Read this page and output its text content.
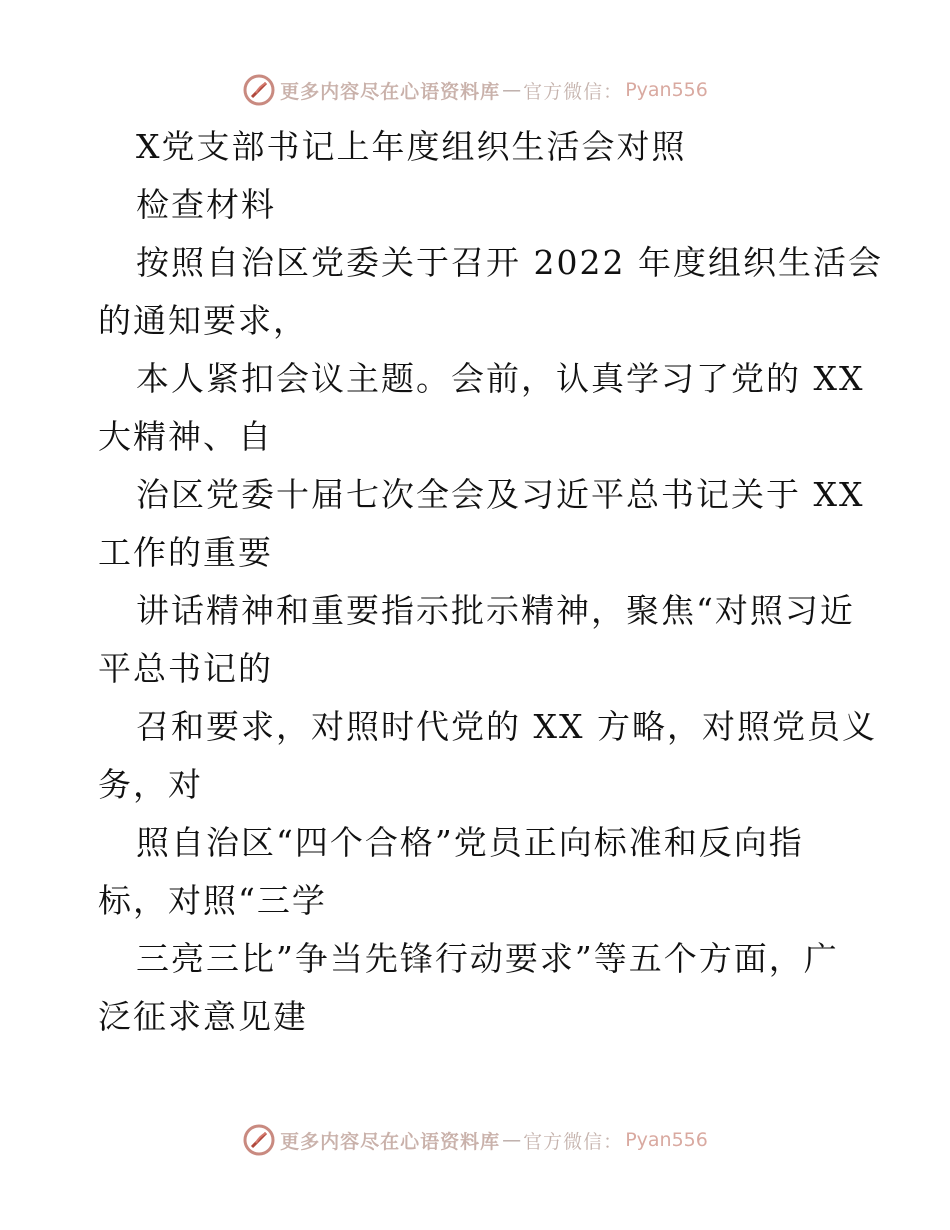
更多内容尽在心语资料库 — 官方微信： Pyan556
X党支部书记上年度组织生活会对照
检查材料
按照自治区党委关于召开 2022 年度组织生活会
的通知要求，
本人紧扣会议主题。会前，认真学习了党的 XX
大精神、自
治区党委十届七次全会及习近平总书记关于 XX
工作的重要
讲话精神和重要指示批示精神，聚焦“对照习近
平总书记的
召和要求，对照时代党的 XX 方略，对照党员义
务，对
照自治区“四个合格”党员正向标准和反向指
标，对照“三学
三亮三比”争当先锋行动要求”等五个方面，广
泛征求意见建
更多内容尽在心语资料库 — 官方微信： Pyan556
